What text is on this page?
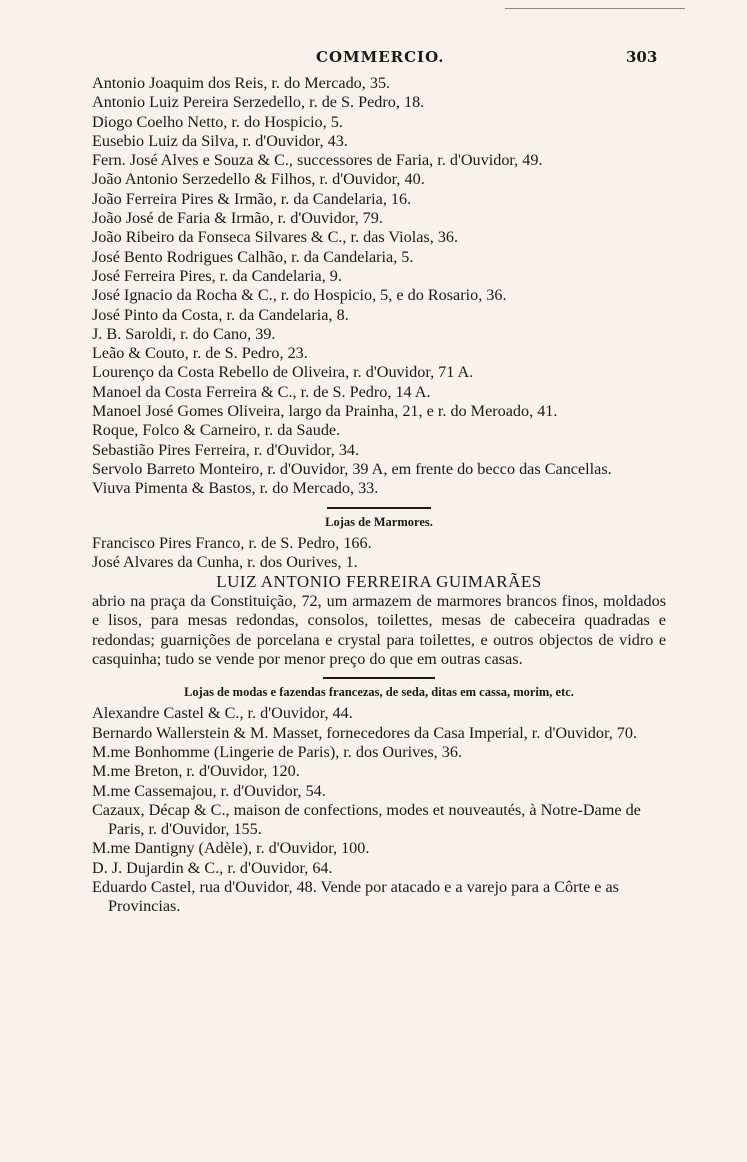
COMMERCIO.	303

Antonio Joaquim dos Reis, r. do Mercado, 35.

Antonio Luiz Pereira Serzedello, r. de S. Pedro, 18.

Diogo Coelho Netto, r. do Hospicio, 5.

Eusebio Luiz da Silva, r. d'Ouvidor, 43.

Fern. José Alves e Souza & C., successores de Faria, r. d'Ouvidor, 49.

João Antonio Serzedello & Filhos, r. d'Ouvidor, 40.

João Ferreira Pires & Irmão, r. da Candelaria, 16.

João José de Faria & Irmão, r. d'Ouvidor, 79.

João Ribeiro da Fonseca Silvares & C., r. das Violas, 36.

José Bento Rodrigues Calhão, r. da Candelaria, 5.

José Ferreira Pires, r. da Candelaria, 9.

José Ignacio da Rocha & C., r. do Hospicio, 5, e do Rosario, 36.

José Pinto da Costa, r. da Candelaria, 8.

J. B. Saroldi, r. do Cano, 39.

Leão & Couto, r. de S. Pedro, 23.

Lourenço da Costa Rebello de Oliveira, r. d'Ouvidor, 71 A.

Manoel da Costa Ferreira & C., r. de S. Pedro, 14 A.

Manoel José Gomes Oliveira, largo da Prainha, 21, e r. do Meroado, 41.

Roque, Folco & Carneiro, r. da Saude.

Sebastião Pires Ferreira, r. d'Ouvidor, 34.

Servolo Barreto Monteiro, r. d'Ouvidor, 39 A, em frente do becco das Cancellas.

Viuva Pimenta & Bastos, r. do Mercado, 33.

Lojas de Marmores.

Francisco Pires Franco, r. de S. Pedro, 166.

José Alvares da Cunha, r. dos Ourives, 1.

LUIZ ANTONIO FERREIRA GUIMARÃES

abrio na praça da Constituição, 72, um armazem de marmores brancos finos, moldados e lisos, para mesas redondas, consolos, toilettes, mesas de cabeceira quadradas e redondas; guarnições de porcelana e crystal para toilettes, e outros objectos de vidro e casquinha; tudo se vende por menor preço do que em outras casas.

Lojas de modas e fazendas francezas, de seda, ditas em cassa, morim, etc.

Alexandre Castel & C., r. d'Ouvidor, 44.

Bernardo Wallerstein & M. Masset, fornecedores da Casa Imperial, r. d'Ouvidor, 70.

M.me Bonhomme (Lingerie de Paris), r. dos Ourives, 36.

M.me Breton, r. d'Ouvidor, 120.

M.me Cassemajou, r. d'Ouvidor, 54.

Cazaux, Décap & C., maison de confections, modes et nouveautés, à Notre-Dame de Paris, r. d'Ouvidor, 155.

M.me Dantigny (Adèle), r. d'Ouvidor, 100.

D. J. Dujardin & C., r. d'Ouvidor, 64.

Eduardo Castel, rua d'Ouvidor, 48. Vende por atacado e a varejo para a Côrte e as Provincias.
